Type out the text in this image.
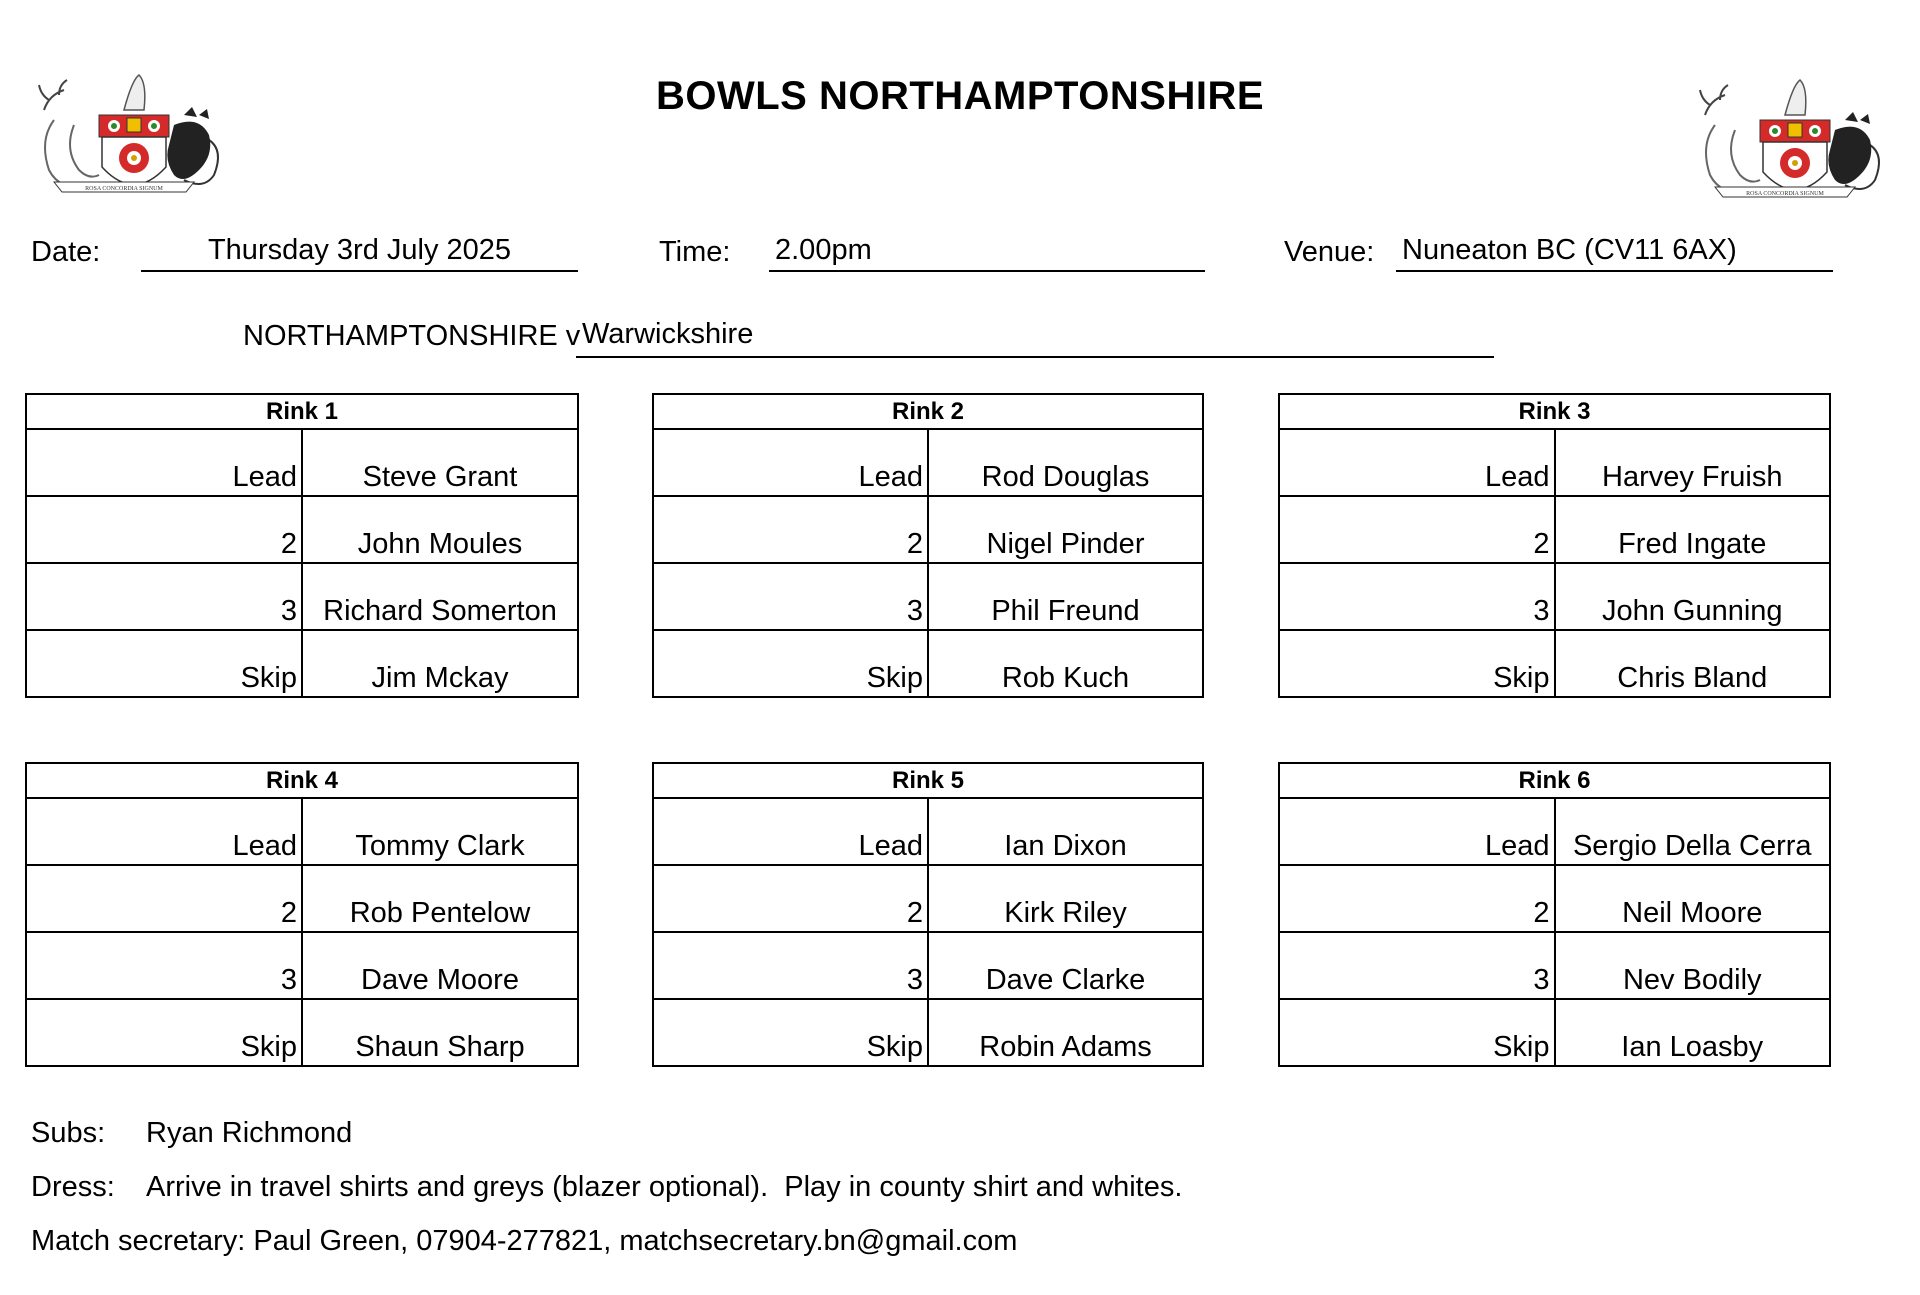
ROSA CONCORDIA SIGNUM
ROSA CONCORDIA SIGNUM
BOWLS NORTHAMPTONSHIRE
Date:	Thursday 3rd July 2025	Time: 2.00pm	Venue: Nuneaton BC (CV11 6AX)
NORTHAMPTONSHIRE v Warwickshire
Rink 1	
Lead	Steve Grant
2	John Moules
3	Richard Somerton
Skip	Jim Mckay
Rink 2	
Lead	Rod Douglas
2	Nigel Pinder
3	Phil Freund
Skip	Rob Kuch
Rink 3	
Lead	Harvey Fruish
2	Fred Ingate
3	John Gunning
Skip	Chris Bland
Rink 4	
Lead	Tommy Clark
2	Rob Pentelow
3	Dave Moore
Skip	Shaun Sharp
Rink 5	
Lead	Ian Dixon
2	Kirk Riley
3	Dave Clarke
Skip	Robin Adams
Rink 6	
Lead	Sergio Della Cerra
2	Neil Moore
3	Nev Bodily
Skip	Ian Loasby
Subs: Ryan Richmond
Dress: Arrive in travel shirts and greys (blazer optional).  Play in county shirt and whites.
Match secretary: Paul Green, 07904-277821, matchsecretary.bn@gmail.com
